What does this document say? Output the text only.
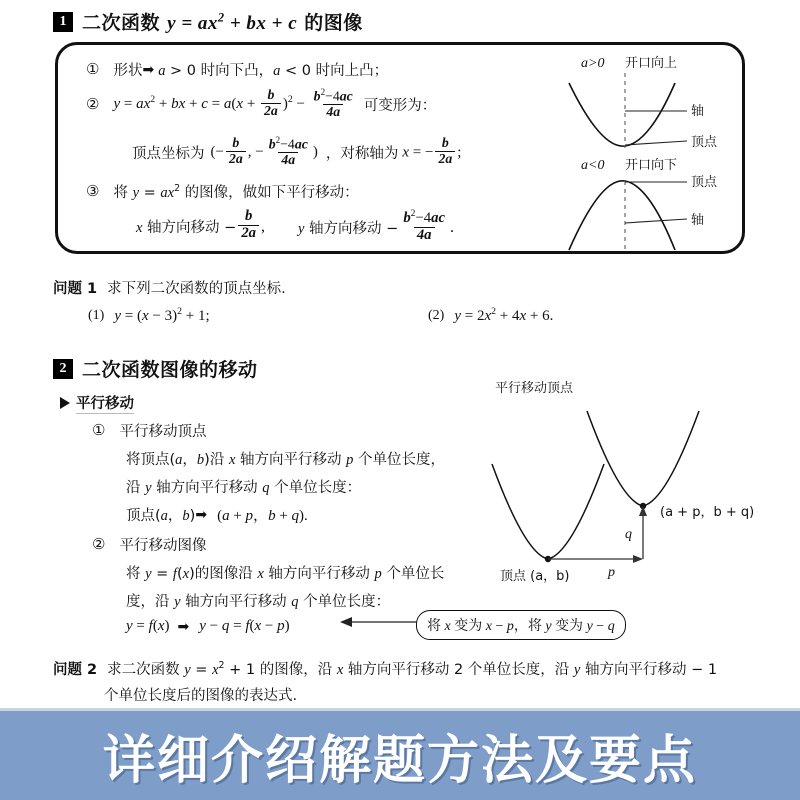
1 二次函数 $y = ax^2$ + bx + c 的图像
① 形状 ➡ a > 0 时向下凸，a < 0 时向上凸；
② $y = ax^2$ + bx + $c = a(x + \frac{b}{2a} )^2 - \frac{b^2-4ac}{4a}$ 可变形为：
顶点坐标为 (− $\frac{b}{2a}$ , − $\frac{b^2-4ac}{4a}$ ) ，对称轴为 x = − $\frac{b}{2a}$ ;
③ 将 $y = ax^2$ 的图像，做如下平行移动：
x 轴方向移动 − $\frac{b}{2a}$ , y 轴方向移动 − $\frac{b^2-4ac}{4a}$ .
a>0 开口向上
轴
顶点
a<0 开口向下
顶点
轴
问题 1 求下列二次函数的顶点坐标.
(1) $y = (x - 3)^2 + 1$;	(2) $y = 2x^2 + 4x + 6$.
2 二次函数图像的移动
平行移动
① 平行移动顶点
将顶点(a，b)沿 x 轴方向平行移动 p 个单位长度，
沿 y 轴方向平行移动 q 个单位长度：
顶点(a，b) ➡ (a + p，b + q).
② 平行移动图像
将 y = f(x)的图像沿 x 轴方向平行移动 p 个单位长
度，沿 y 轴方向平行移动 q 个单位长度：
y = f(x) ➡ y − q = f(x − p)	将 x 变为 x − p，将 y 变为 y − q
平行移动顶点
p
q
顶点 (a，b)
(a + p，b + q)
问题 2 求二次函数 $y = x^2 + 1$ 的图像，沿 x 轴方向平行移动 2 个单位长度，沿 y 轴方向平行移动 − 1
个单位长度后的图像的表达式.
详细介绍解题方法及要点
